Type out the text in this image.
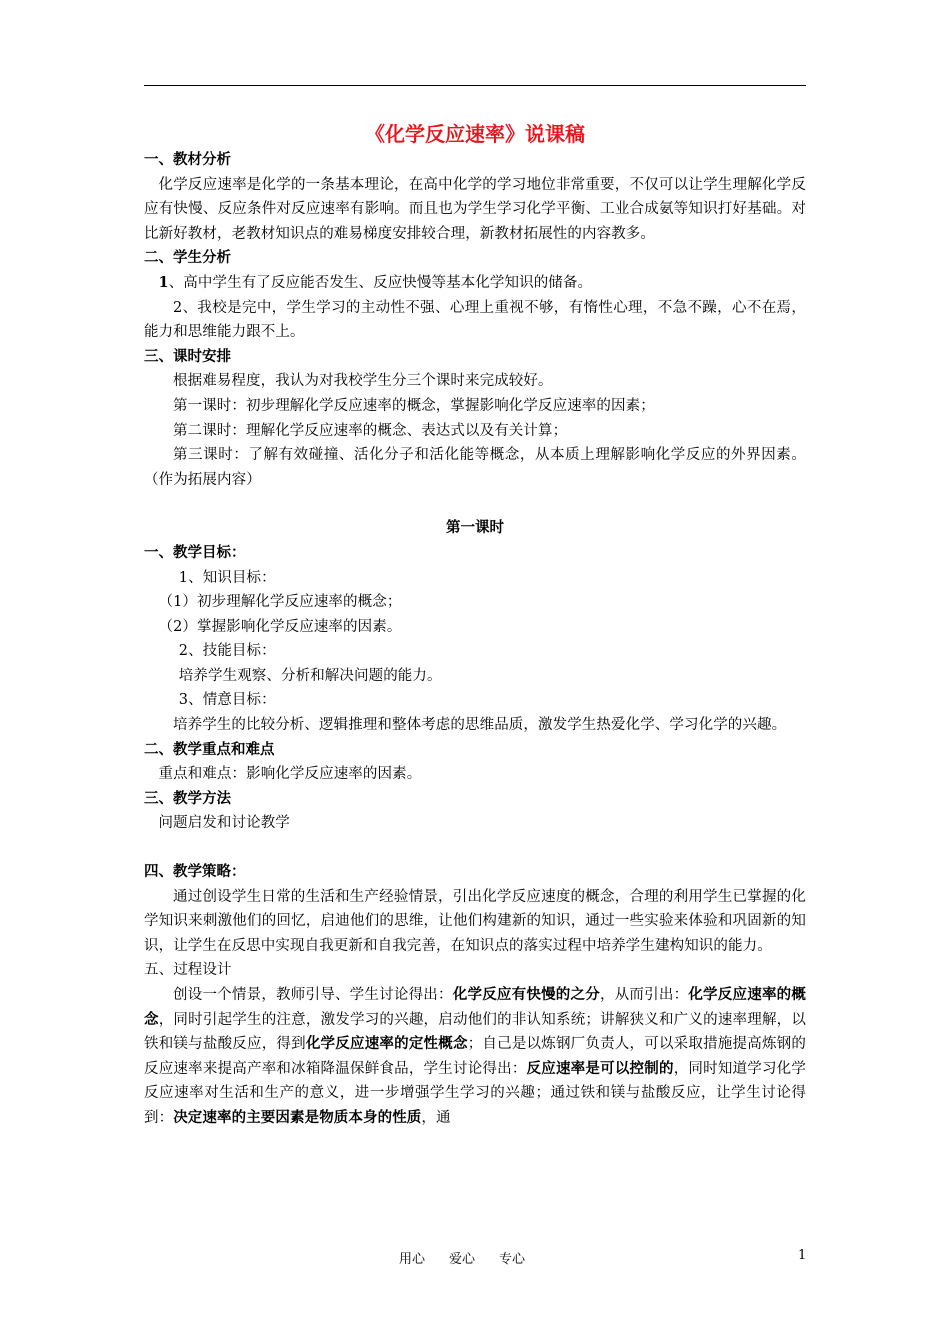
《化学反应速率》说课稿

一、教材分析

化学反应速率是化学的一条基本理论，在高中化学的学习地位非常重要，不仅可以让学生理解化学反应有快慢、反应条件对反应速率有影响。而且也为学生学习化学平衡、工业合成氨等知识打好基础。对比新好教材，老教材知识点的难易梯度安排较合理，新教材拓展性的内容教多。

二、学生分析

1、高中学生有了反应能否发生、反应快慢等基本化学知识的储备。

2、我校是完中，学生学习的主动性不强、心理上重视不够，有惰性心理，不急不躁，心不在焉，能力和思维能力跟不上。

三、课时安排

根据难易程度，我认为对我校学生分三个课时来完成较好。

第一课时：初步理解化学反应速率的概念，掌握影响化学反应速率的因素；

第二课时：理解化学反应速率的概念、表达式以及有关计算；

第三课时：了解有效碰撞、活化分子和活化能等概念，从本质上理解影响化学反应的外界因素。（作为拓展内容）

第一课时

一、教学目标：

1、知识目标：

（1）初步理解化学反应速率的概念；

（2）掌握影响化学反应速率的因素。

2、技能目标：

培养学生观察、分析和解决问题的能力。

3、情意目标：

培养学生的比较分析、逻辑推理和整体考虑的思维品质，激发学生热爱化学、学习化学的兴趣。

二、教学重点和难点

重点和难点：影响化学反应速率的因素。

三、教学方法

问题启发和讨论教学

四、教学策略：

通过创设学生日常的生活和生产经验情景，引出化学反应速度的概念，合理的利用学生已掌握的化学知识来刺激他们的回忆，启迪他们的思维，让他们构建新的知识，通过一些实验来体验和巩固新的知识，让学生在反思中实现自我更新和自我完善，在知识点的落实过程中培养学生建构知识的能力。

五、过程设计

创设一个情景，教师引导、学生讨论得出：化学反应有快慢的之分，从而引出：化学反应速率的概念，同时引起学生的注意，激发学习的兴趣，启动他们的非认知系统；讲解狭义和广义的速率理解，以铁和镁与盐酸反应，得到化学反应速率的定性概念；自己是以炼钢厂负责人，可以采取措施提高炼钢的反应速率来提高产率和冰箱降温保鲜食品，学生讨论得出：反应速率是可以控制的，同时知道学习化学反应速率对生活和生产的意义，进一步增强学生学习的兴趣；通过铁和镁与盐酸反应，让学生讨论得到：决定速率的主要因素是物质本身的性质，通

用心 爱心 专心	1
